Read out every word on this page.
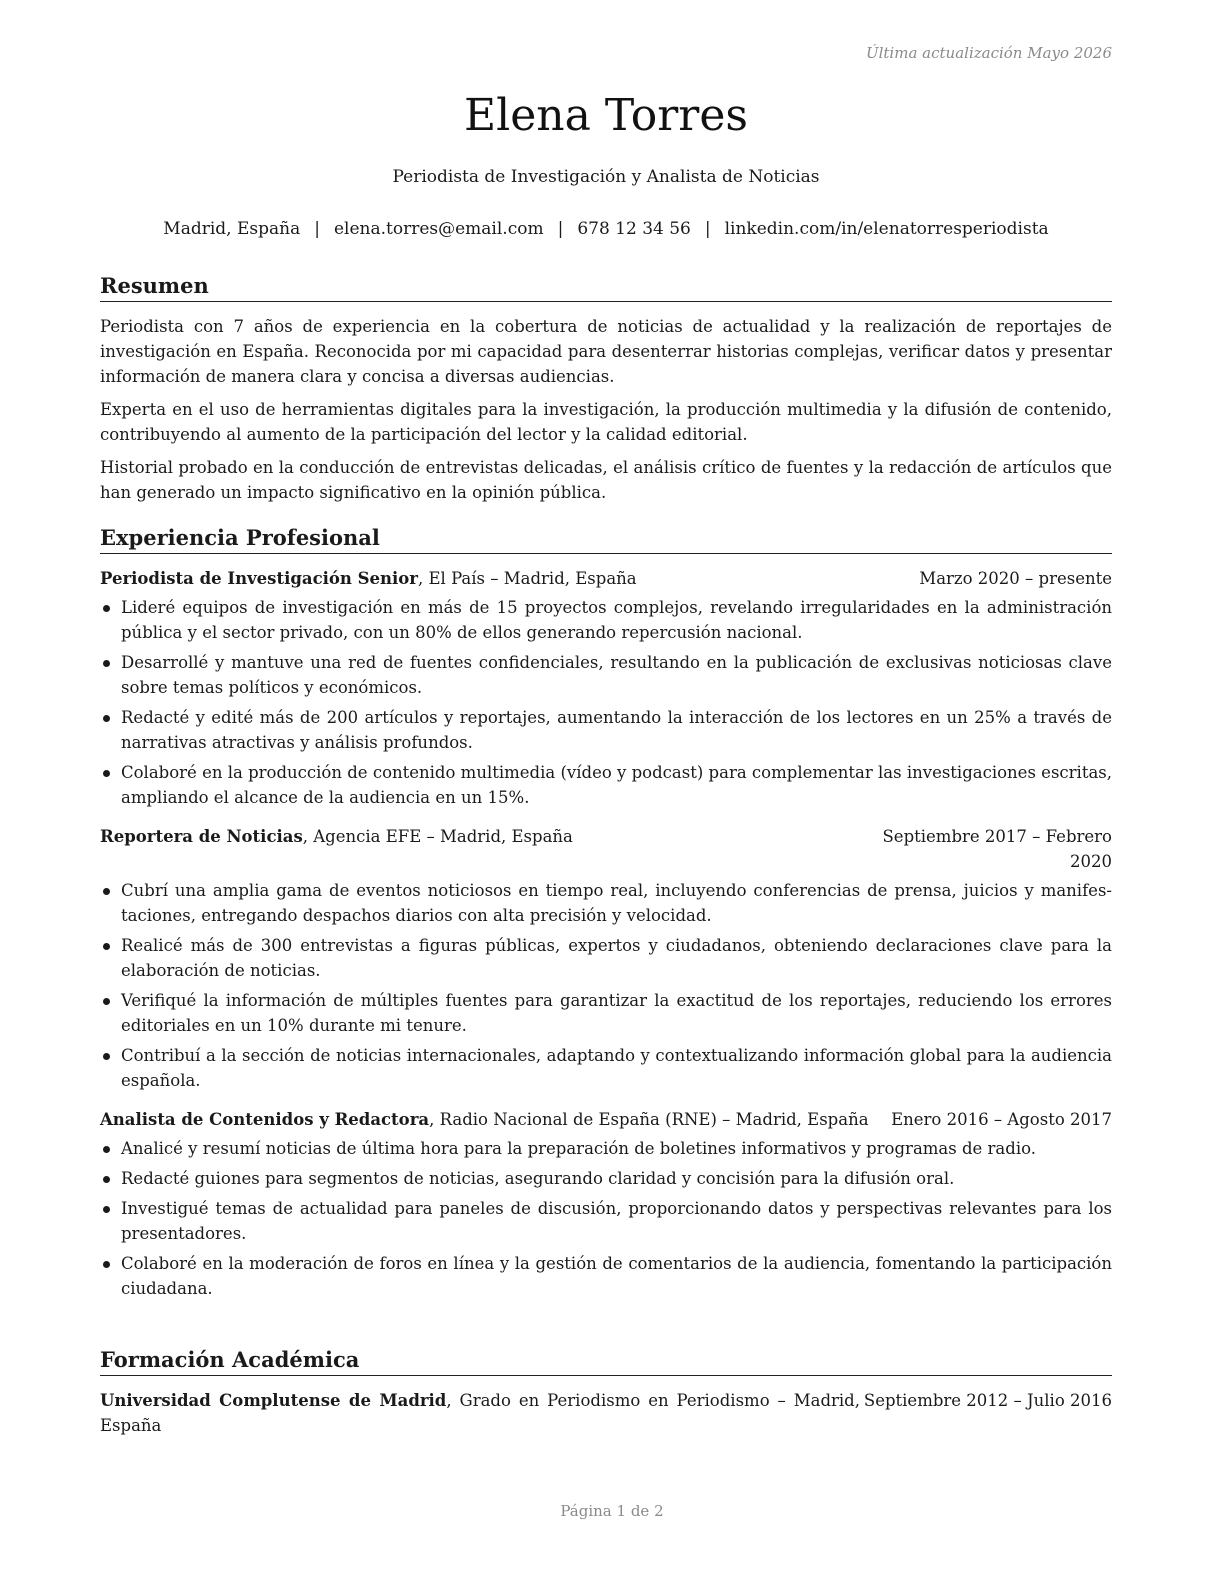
Última actualización Mayo 2026
Elena Torres
Periodista de Investigación y Analista de Noticias
Madrid, España | elena.torres@email.com | 678 12 34 56 | linkedin.com/in/elenatorresperiodista
Resumen

Periodista con 7 años de experiencia en la cobertura de noticias de actualidad y la realización de reportajes de investigación en España. Reconocida por mi capacidad para desenterrar historias complejas, verificar datos y presentar información de manera clara y concisa a diversas audiencias.

Experta en el uso de herramientas digitales para la investigación, la producción multimedia y la difusión de contenido, contribuyendo al aumento de la participación del lector y la calidad editorial.

Historial probado en la conducción de entrevistas delicadas, el análisis crítico de fuentes y la redacción de artículos que han generado un impacto significativo en la opinión pública.

Experiencia Profesional
Periodista de Investigación Senior, El País – Madrid, España	Marzo 2020 – presente
Lideré equipos de investigación en más de 15 proyectos complejos, revelando irregularidades en la administración pública y el sector privado, con un 80% de ellos generando repercusión nacional.
Desarrollé y mantuve una red de fuentes confidenciales, resultando en la publicación de exclusivas noticiosas clave sobre temas políticos y económicos.
Redacté y edité más de 200 artículos y reportajes, aumentando la interacción de los lectores en un 25% a través de narrativas atractivas y análisis profundos.
Colaboré en la producción de contenido multimedia (vídeo y podcast) para complementar las investigaciones escritas, ampliando el alcance de la audiencia en un 15%.
Reportera de Noticias, Agencia EFE – Madrid, España	Septiembre 2017 – Febrero 2020
Cubrí una amplia gama de eventos noticiosos en tiempo real, incluyendo conferencias de prensa, juicios y manifestaciones, entregando despachos diarios con alta precisión y velocidad.
Realicé más de 300 entrevistas a figuras públicas, expertos y ciudadanos, obteniendo declaraciones clave para la elaboración de noticias.
Verifiqué la información de múltiples fuentes para garantizar la exactitud de los reportajes, reduciendo los errores editoriales en un 10% durante mi tenure.
Contribuí a la sección de noticias internacionales, adaptando y contextualizando información global para la audiencia española.
Analista de Contenidos y Redactora, Radio Nacional de España (RNE) – Madrid, España	Enero 2016 – Agosto 2017
Analicé y resumí noticias de última hora para la preparación de boletines informativos y programas de radio.
Redacté guiones para segmentos de noticias, asegurando claridad y concisión para la difusión oral.
Investigué temas de actualidad para paneles de discusión, proporcionando datos y perspectivas relevantes para los presentadores.
Colaboré en la moderación de foros en línea y la gestión de comentarios de la audiencia, fomentando la participación ciudadana.
Formación Académica
Universidad Complutense de Madrid, Grado en Periodismo en Periodismo – Madrid, España
Septiembre 2012 – Julio 2016
Página 1 de 2
